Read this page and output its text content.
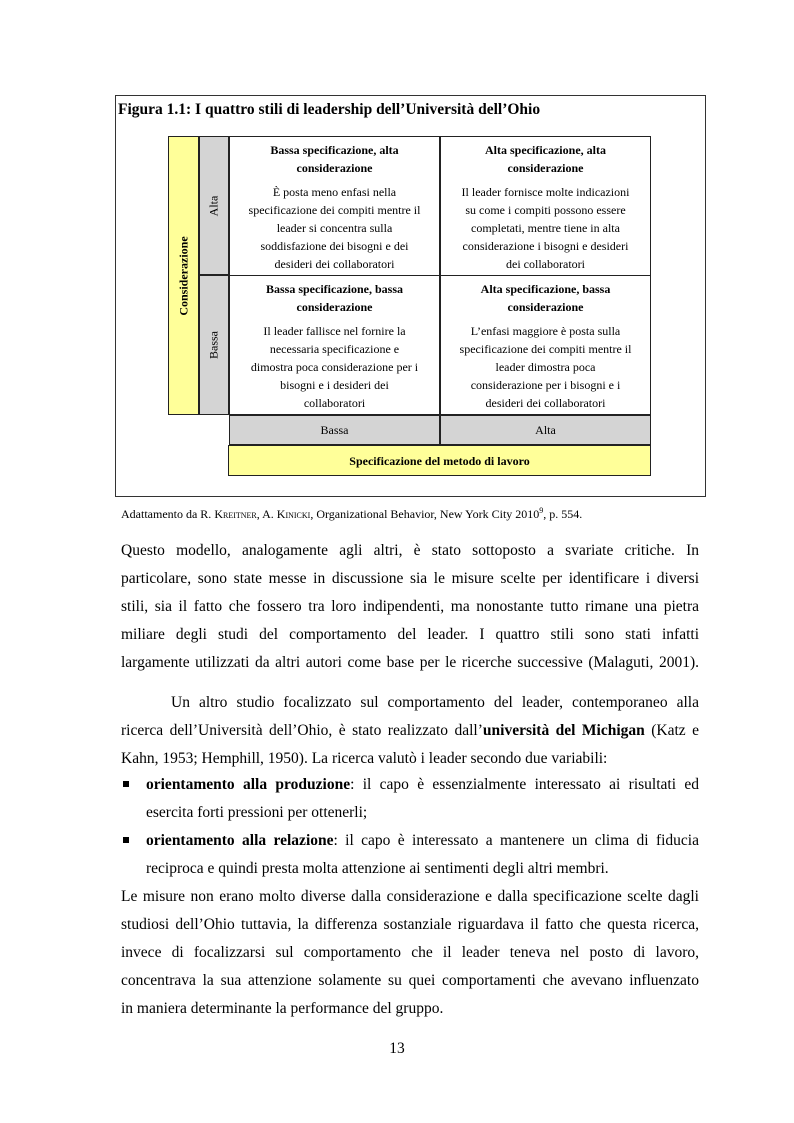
Figura 1.1: I quattro stili di leadership dell’Università dell’Ohio
Considerazione
Alta
Bassa
Bassa specificazione, alta considerazione
È posta meno enfasi nella
specificazione dei compiti mentre il
leader si concentra sulla
soddisfazione dei bisogni e dei
desideri dei collaboratori
Alta specificazione, alta considerazione
Il leader fornisce molte indicazioni
su come i compiti possono essere
completati, mentre tiene in alta
considerazione i bisogni e desideri
dei collaboratori
Bassa specificazione, bassa considerazione
Il leader fallisce nel fornire la
necessaria specificazione e
dimostra poca considerazione per i
bisogni e i desideri dei
collaboratori
Alta specificazione, bassa considerazione
L’enfasi maggiore è posta sulla
specificazione dei compiti mentre il
leader dimostra poca
considerazione per i bisogni e i
desideri dei collaboratori
Bassa	Alta
Specificazione del metodo di lavoro
Adattamento da R. Kreitner, A. Kinicki, Organizational Behavior, New York City 2010$^9$, p. 554.
Questo modello, analogamente agli altri, è stato sottoposto a svariate critiche. In
particolare, sono state messe in discussione sia le misure scelte per identificare i diversi
stili, sia il fatto che fossero tra loro indipendenti, ma nonostante tutto rimane una pietra
miliare degli studi del comportamento del leader. I quattro stili sono stati infatti
largamente utilizzati da altri autori come base per le ricerche successive (Malaguti, 2001).
Un altro studio focalizzato sul comportamento del leader, contemporaneo alla
ricerca dell’Università dell’Ohio, è stato realizzato dall’università del Michigan (Katz e
Kahn, 1953; Hemphill, 1950). La ricerca valutò i leader secondo due variabili:
orientamento alla produzione: il capo è essenzialmente interessato ai risultati ed
esercita forti pressioni per ottenerli;
orientamento alla relazione: il capo è interessato a mantenere un clima di fiducia
reciproca e quindi presta molta attenzione ai sentimenti degli altri membri.
Le misure non erano molto diverse dalla considerazione e dalla specificazione scelte dagli
studiosi dell’Ohio tuttavia, la differenza sostanziale riguardava il fatto che questa ricerca,
invece di focalizzarsi sul comportamento che il leader teneva nel posto di lavoro,
concentrava la sua attenzione solamente su quei comportamenti che avevano influenzato
in maniera determinante la performance del gruppo.
13
